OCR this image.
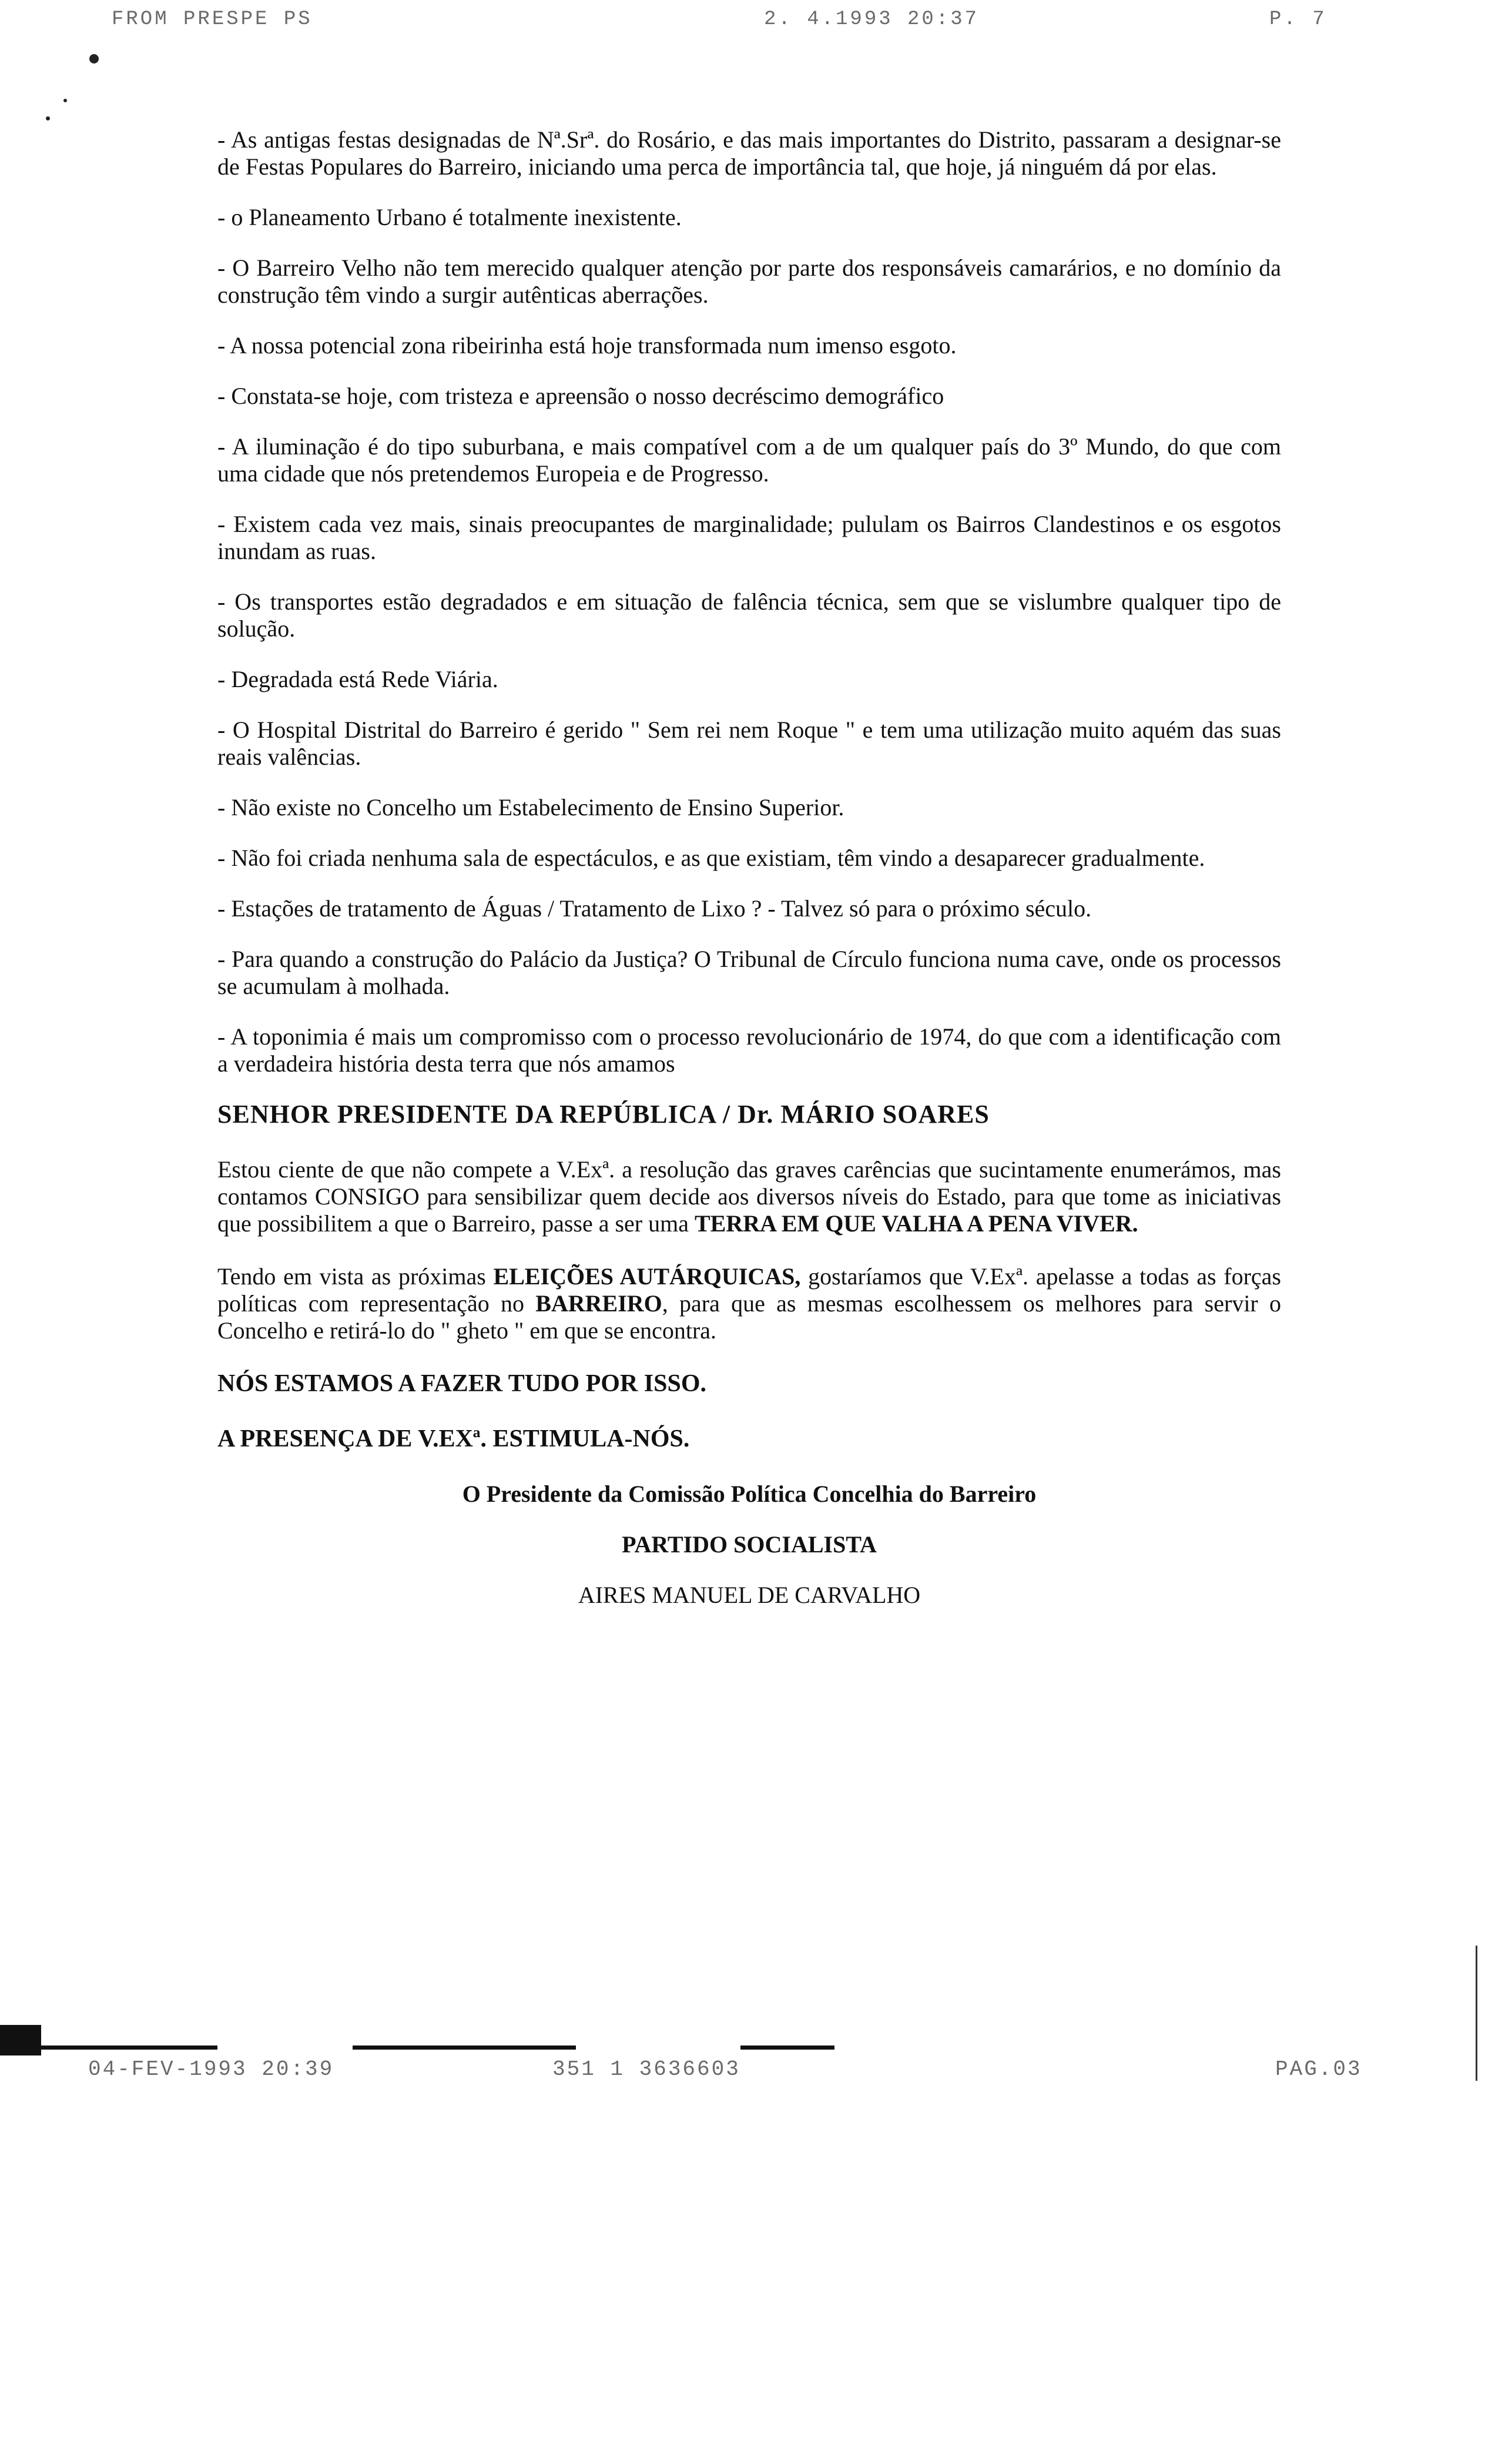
FROM PRESPE PS	2. 4.1993 20:37	P. 7

- As antigas festas designadas de Nª.Srª. do Rosário, e das mais importantes do Distrito, passaram a designar-se de Festas Populares do Barreiro, iniciando uma perca de importância tal, que hoje, já ninguém dá por elas.

- o Planeamento Urbano é totalmente inexistente.

- O Barreiro Velho não tem merecido qualquer atenção por parte dos responsáveis camarários, e no domínio da construção têm vindo a surgir autênticas aberrações.

- A nossa potencial zona ribeirinha está hoje transformada num imenso esgoto.

- Constata-se hoje, com tristeza e apreensão o nosso decréscimo demográfico

- A iluminação é do tipo suburbana, e mais compatível com a de um qualquer país do 3º Mundo, do que com uma cidade que nós pretendemos Europeia e de Progresso.

- Existem cada vez mais, sinais preocupantes de marginalidade; pululam os Bairros Clandestinos e os esgotos inundam as ruas.

- Os transportes estão degradados e em situação de falência técnica, sem que se vislumbre qualquer tipo de solução.

- Degradada está Rede Viária.

- O Hospital Distrital do Barreiro é gerido " Sem rei nem Roque " e tem uma utilização muito aquém das suas reais valências.

- Não existe no Concelho um Estabelecimento de Ensino Superior.

- Não foi criada nenhuma sala de espectáculos, e as que existiam, têm vindo a desaparecer gradualmente.

- Estações de tratamento de Águas / Tratamento de Lixo ? - Talvez só para o próximo século.

- Para quando a construção do Palácio da Justiça? O Tribunal de Círculo funciona numa cave, onde os processos se acumulam à molhada.

- A toponimia é mais um compromisso com o processo revolucionário de 1974, do que com a identificação com a verdadeira história desta terra que nós amamos

SENHOR PRESIDENTE DA REPÚBLICA / Dr. MÁRIO SOARES

Estou ciente de que não compete a V.Exª. a resolução das graves carências que sucintamente enumerámos, mas contamos CONSIGO para sensibilizar quem decide aos diversos níveis do Estado, para que tome as iniciativas que possibilitem a que o Barreiro, passe a ser uma TERRA EM QUE VALHA A PENA VIVER.

Tendo em vista as próximas ELEIÇÕES AUTÁRQUICAS, gostaríamos que V.Exª. apelasse a todas as forças políticas com representação no BARREIRO, para que as mesmas escolhessem os melhores para servir o Concelho e retirá-lo do " gheto " em que se encontra.

NÓS ESTAMOS A FAZER TUDO POR ISSO.
A PRESENÇA DE V.EXª. ESTIMULA-NÓS.
O Presidente da Comissão Política Concelhia do Barreiro
PARTIDO SOCIALISTA
AIRES MANUEL DE CARVALHO
04-FEV-1993 20:39	351 1 3636603	PAG.03
